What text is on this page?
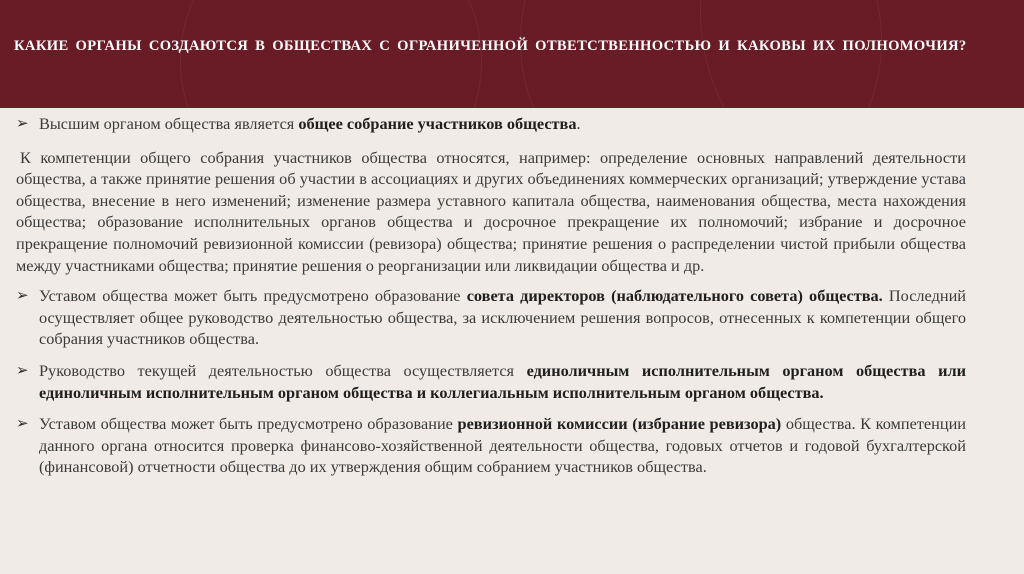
КАКИЕ ОРГАНЫ СОЗДАЮТСЯ В ОБЩЕСТВАХ С ОГРАНИЧЕННОЙ ОТВЕТСТВЕННОСТЬЮ И КАКОВЫ ИХ ПОЛНОМОЧИЯ?

➢ Высшим органом общества является общее собрание участников общества.

К компетенции общего собрания участников общества относятся, например: определение основных направлений деятельности общества, а также принятие решения об участии в ассоциациях и других объединениях коммерческих организаций; утверждение устава общества, внесение в него изменений; изменение размера уставного капитала общества, наименования общества, места нахождения общества; образование исполнительных органов общества и досрочное прекращение их полномочий; избрание и досрочное прекращение полномочий ревизионной комиссии (ревизора) общества; принятие решения о распределении чистой прибыли общества между участниками общества; принятие решения о реорганизации или ликвидации общества и др.

➢ Уставом общества может быть предусмотрено образование совета директоров (наблюдательного совета) общества. Последний осуществляет общее руководство деятельностью общества, за исключением решения вопросов, отнесенных к компетенции общего собрания участников общества.

➢ Руководство текущей деятельностью общества осуществляется единоличным исполнительным органом общества или единоличным исполнительным органом общества и коллегиальным исполнительным органом общества.

➢ Уставом общества может быть предусмотрено образование ревизионной комиссии (избрание ревизора) общества. К компетенции данного органа относится проверка финансово-хозяйственной деятельности общества, годовых отчетов и годовой бухгалтерской (финансовой) отчетности общества до их утверждения общим собранием участников общества.
